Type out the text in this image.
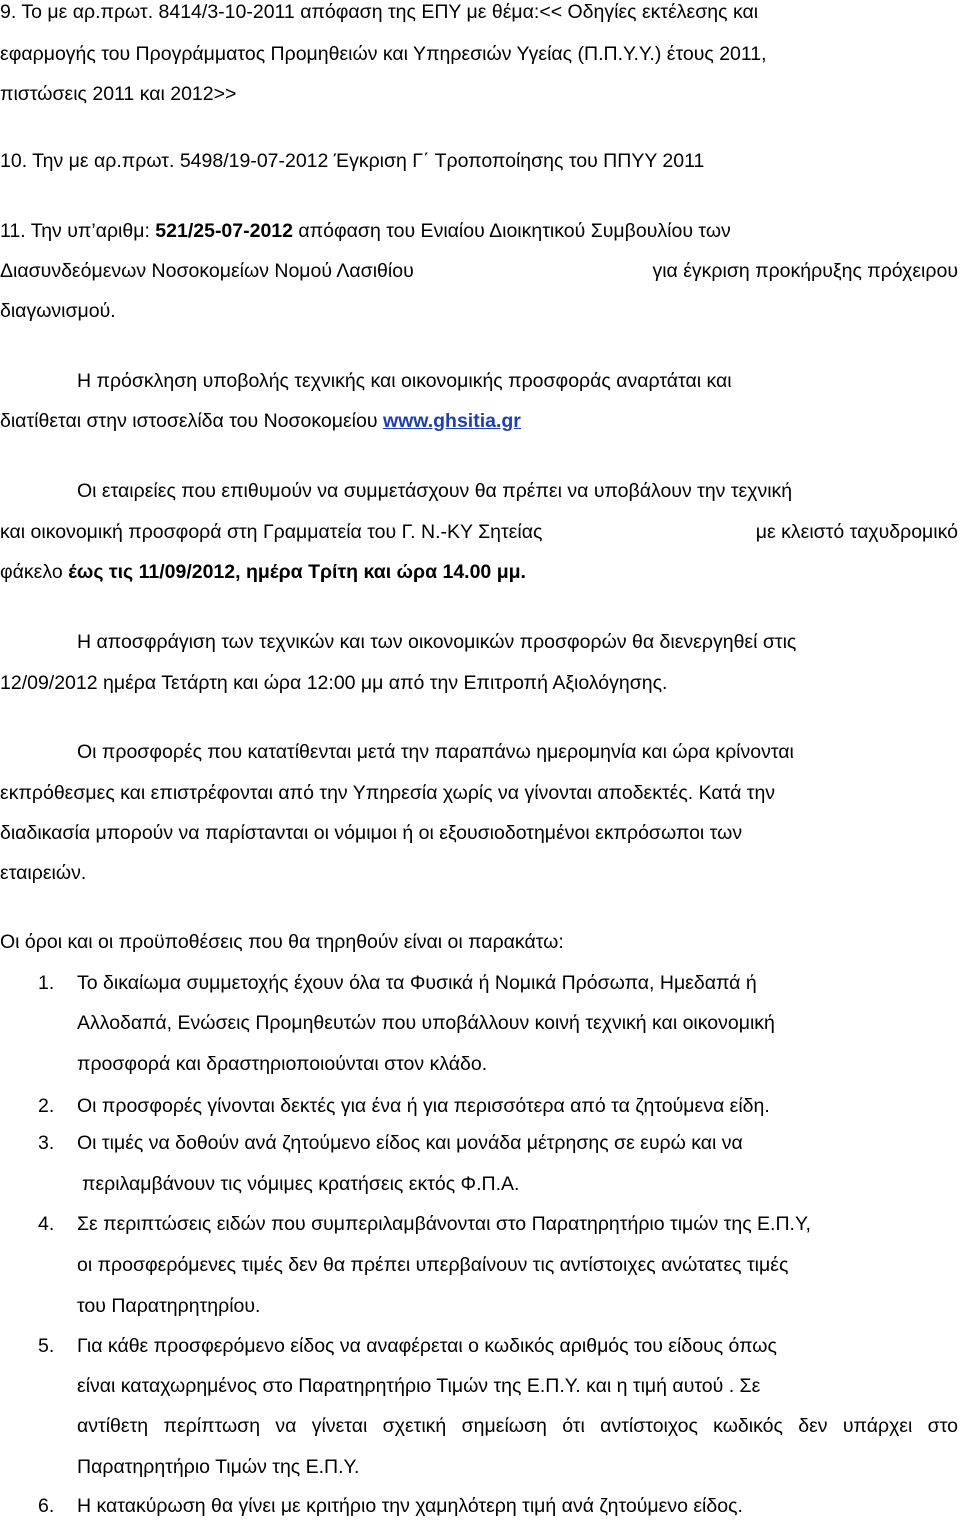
9. Το με αρ.πρωτ. 8414/3-10-2011 απόφαση της ΕΠΥ με θέμα:<< Οδηγίες εκτέλεσης και
εφαρμογής του Προγράμματος Προμηθειών και Υπηρεσιών Υγείας (Π.Π.Υ.Υ.) έτους 2011,
πιστώσεις 2011 και 2012>>
10. Την με αρ.πρωτ. 5498/19-07-2012 Έγκριση Γ΄ Τροποποίησης του ΠΠΥΥ 2011
11. Την υπ’αριθμ: 521/25-07-2012 απόφαση του Ενιαίου Διοικητικού Συμβουλίου των
Διασυνδεόμενων Νοσοκομείων Νομού Λασιθίου	για έγκριση προκήρυξης πρόχειρου
διαγωνισμού.
Η πρόσκληση υποβολής τεχνικής και οικονομικής προσφοράς αναρτάται και
διατίθεται στην ιστοσελίδα του Νοσοκομείου www.ghsitia.gr
Οι εταιρείες που επιθυμούν να συμμετάσχουν θα πρέπει να υποβάλουν την τεχνική
και οικονομική προσφορά στη Γραμματεία του Γ. Ν.-ΚΥ Σητείας	με κλειστό ταχυδρομικό
φάκελο έως τις 11/09/2012, ημέρα Τρίτη και ώρα 14.00 μμ.
Η αποσφράγιση των τεχνικών και των οικονομικών προσφορών θα διενεργηθεί στις
12/09/2012 ημέρα Τετάρτη και ώρα 12:00 μμ από την Επιτροπή Αξιολόγησης.
Οι προσφορές που κατατίθενται μετά την παραπάνω ημερομηνία και ώρα κρίνονται
εκπρόθεσμες και επιστρέφονται από την Υπηρεσία χωρίς να γίνονται αποδεκτές. Κατά την
διαδικασία μπορούν να παρίστανται οι νόμιμοι ή οι εξουσιοδοτημένοι εκπρόσωποι των
εταιρειών.
Οι όροι και οι προϋποθέσεις που θα τηρηθούν είναι οι παρακάτω:
1. Το δικαίωμα συμμετοχής έχουν όλα τα Φυσικά ή Νομικά Πρόσωπα, Ημεδαπά ή
Αλλοδαπά, Ενώσεις Προμηθευτών που υποβάλλουν κοινή τεχνική και οικονομική
προσφορά και δραστηριοποιούνται στον κλάδο.
2. Οι προσφορές γίνονται δεκτές για ένα ή για περισσότερα από τα ζητούμενα είδη.
3. Οι τιμές να δοθούν ανά ζητούμενο είδος και μονάδα μέτρησης σε ευρώ και να
περιλαμβάνουν τις νόμιμες κρατήσεις εκτός Φ.Π.Α.
4. Σε περιπτώσεις ειδών που συμπεριλαμβάνονται στο Παρατηρητήριο τιμών της Ε.Π.Υ,
οι προσφερόμενες τιμές δεν θα πρέπει υπερβαίνουν τις αντίστοιχες ανώτατες τιμές
του Παρατηρητηρίου.
5. Για κάθε προσφερόμενο είδος να αναφέρεται ο κωδικός αριθμός του είδους όπως
είναι καταχωρημένος στο Παρατηρητήριο Τιμών της Ε.Π.Υ. και η τιμή αυτού . Σε
αντίθετη περίπτωση να γίνεται σχετική σημείωση ότι αντίστοιχος κωδικός δεν υπάρχει στο
Παρατηρητήριο Τιμών της Ε.Π.Υ.
6. Η κατακύρωση θα γίνει με κριτήριο την χαμηλότερη τιμή ανά ζητούμενο είδος.
